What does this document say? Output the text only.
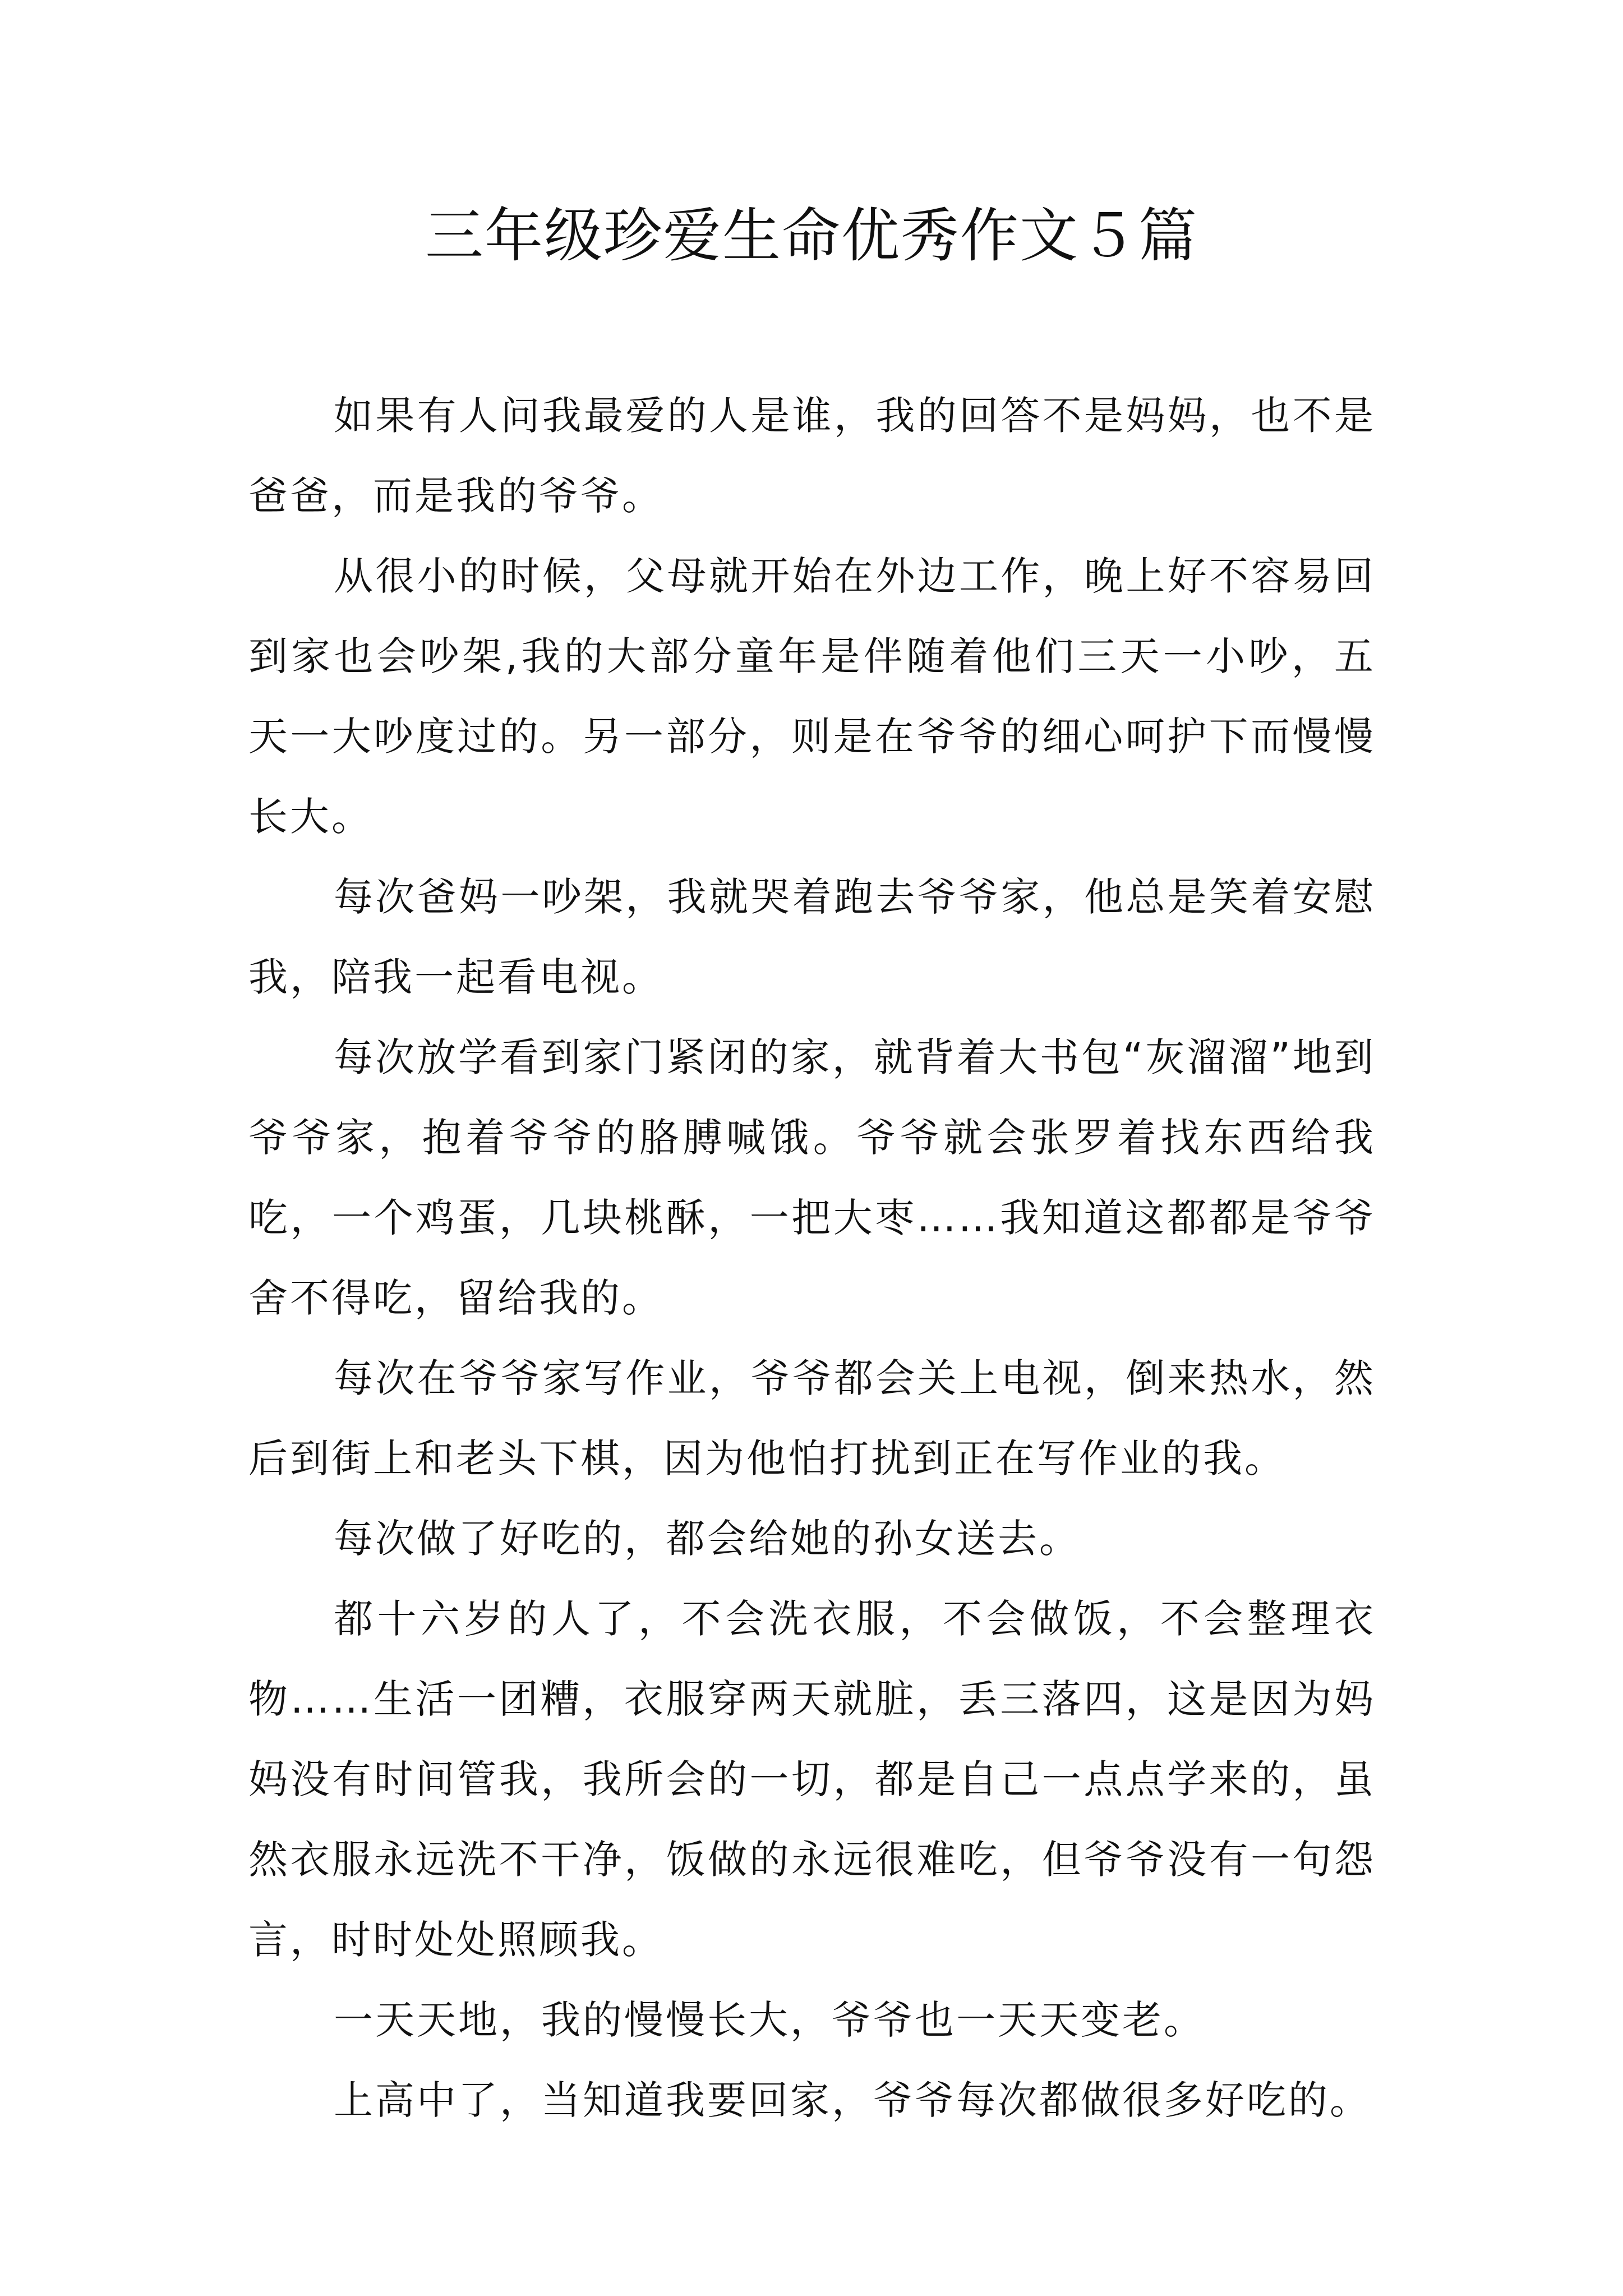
三年级珍爱生命优秀作文５篇

如果有人问我最爱的人是谁，我的回答不是妈妈，也不是爸爸，而是我的爷爷。

从很小的时候，父母就开始在外边工作，晚上好不容易回到家也会吵架,我的大部分童年是伴随着他们三天一小吵，五天一大吵度过的。另一部分，则是在爷爷的细心呵护下而慢慢长大。

每次爸妈一吵架，我就哭着跑去爷爷家，他总是笑着安慰我，陪我一起看电视。

每次放学看到家门紧闭的家，就背着大书包“灰溜溜”地到爷爷家，抱着爷爷的胳膊喊饿。爷爷就会张罗着找东西给我吃，一个鸡蛋，几块桃酥，一把大枣……我知道这都都是爷爷舍不得吃，留给我的。

每次在爷爷家写作业，爷爷都会关上电视，倒来热水，然后到街上和老头下棋，因为他怕打扰到正在写作业的我。

每次做了好吃的，都会给她的孙女送去。

都十六岁的人了，不会洗衣服，不会做饭，不会整理衣物……生活一团糟，衣服穿两天就脏，丢三落四，这是因为妈妈没有时间管我，我所会的一切，都是自己一点点学来的，虽然衣服永远洗不干净，饭做的永远很难吃，但爷爷没有一句怨言，时时处处照顾我。

一天天地，我的慢慢长大，爷爷也一天天变老。

上高中了，当知道我要回家，爷爷每次都做很多好吃的。
